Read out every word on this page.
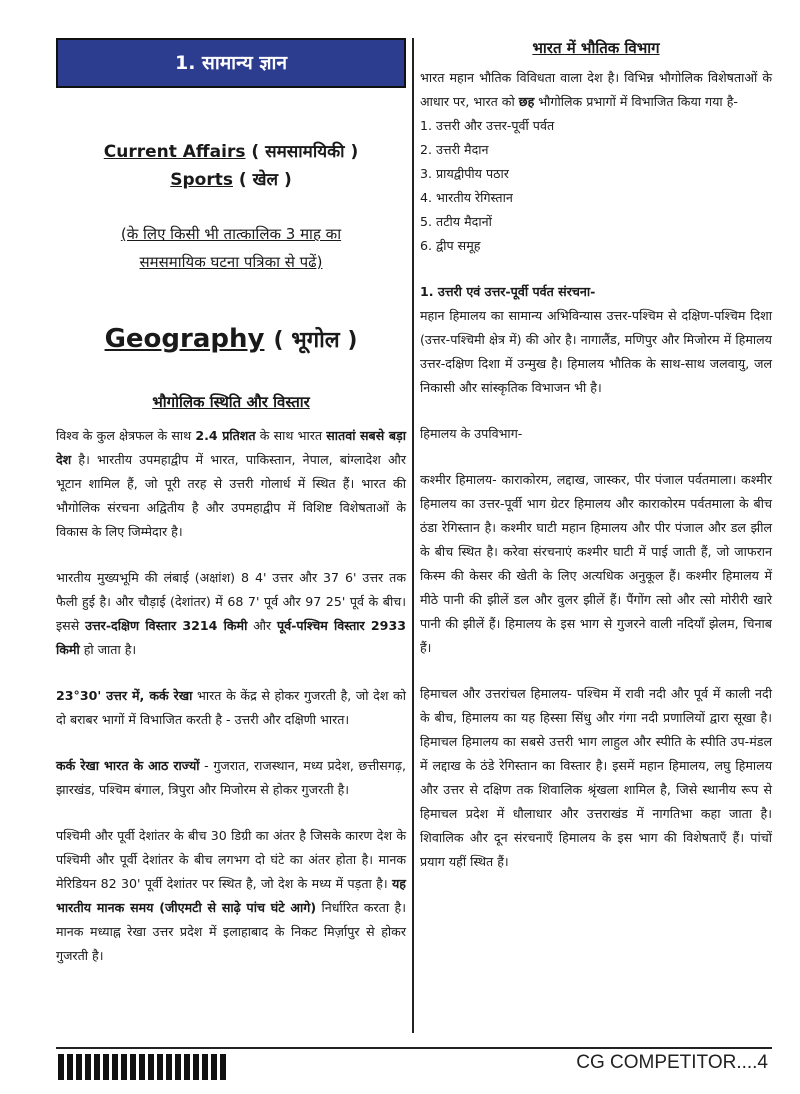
1. सामान्य ज्ञान
Current Affairs ( समसामयिकी )
Sports ( खेल )
(के लिए किसी भी तात्कालिक 3 माह का
समसमायिक घटना पत्रिका से पढें)
Geography ( भूगोल )
भौगोलिक स्थिति और विस्तार

विश्व के कुल क्षेत्रफल के साथ 2.4 प्रतिशत के साथ भारत सातवां सबसे बड़ा देश है। भारतीय उपमहाद्वीप में भारत, पाकिस्तान, नेपाल, बांग्लादेश और भूटान शामिल हैं, जो पूरी तरह से उत्तरी गोलार्ध में स्थित हैं। भारत की भौगोलिक संरचना अद्वितीय है और उपमहाद्वीप में विशिष्ट विशेषताओं के विकास के लिए जिम्मेदार है।

भारतीय मुख्यभूमि की लंबाई (अक्षांश) 8 4' उत्तर और 37 6' उत्तर तक फैली हुई है। और चौड़ाई (देशांतर) में 68 7' पूर्व और 97 25' पूर्व के बीच। इससे उत्तर-दक्षिण विस्तार 3214 किमी और पूर्व-पश्चिम विस्तार 2933 किमी हो जाता है।

23°30' उत्तर में, कर्क रेखा भारत के केंद्र से होकर गुजरती है, जो देश को दो बराबर भागों में विभाजित करती है - उत्तरी और दक्षिणी भारत।

कर्क रेखा भारत के आठ राज्यों - गुजरात, राजस्थान, मध्य प्रदेश, छत्तीसगढ़, झारखंड, पश्चिम बंगाल, त्रिपुरा और मिजोरम से होकर गुजरती है।

पश्चिमी और पूर्वी देशांतर के बीच 30 डिग्री का अंतर है जिसके कारण देश के पश्चिमी और पूर्वी देशांतर के बीच लगभग दो घंटे का अंतर होता है। मानक मेरिडियन 82 30' पूर्वी देशांतर पर स्थित है, जो देश के मध्य में पड़ता है। यह भारतीय मानक समय (जीएमटी से साढ़े पांच घंटे आगे) निर्धारित करता है। मानक मध्याह्न रेखा उत्तर प्रदेश में इलाहाबाद के निकट मिर्ज़ापुर से होकर गुजरती है।

भारत में भौतिक विभाग

भारत महान भौतिक विविधता वाला देश है। विभिन्न भौगोलिक विशेषताओं के आधार पर, भारत को छह भौगोलिक प्रभागों में विभाजित किया गया है-

1. उत्तरी और उत्तर-पूर्वी पर्वत
2. उत्तरी मैदान
3. प्रायद्वीपीय पठार
4. भारतीय रेगिस्तान
5. तटीय मैदानों
6. द्वीप समूह

1. उत्तरी एवं उत्तर-पूर्वी पर्वत संरचना-

महान हिमालय का सामान्य अभिविन्यास उत्तर-पश्चिम से दक्षिण-पश्चिम दिशा (उत्तर-पश्चिमी क्षेत्र में) की ओर है। नागालैंड, मणिपुर और मिजोरम में हिमालय उत्तर-दक्षिण दिशा में उन्मुख है। हिमालय भौतिक के साथ-साथ जलवायु, जल निकासी और सांस्कृतिक विभाजन भी है।

हिमालय के उपविभाग-

कश्मीर हिमालय- काराकोरम, लद्दाख, जास्कर, पीर पंजाल पर्वतमाला। कश्मीर हिमालय का उत्तर-पूर्वी भाग ग्रेटर हिमालय और काराकोरम पर्वतमाला के बीच ठंडा रेगिस्तान है। कश्मीर घाटी महान हिमालय और पीर पंजाल और डल झील के बीच स्थित है। करेवा संरचनाएं कश्मीर घाटी में पाई जाती हैं, जो जाफरान किस्म की केसर की खेती के लिए अत्यधिक अनुकूल हैं। कश्मीर हिमालय में मीठे पानी की झीलें डल और वुलर झीलें हैं। पैंगोंग त्सो और त्सो मोरीरी खारे पानी की झीलें हैं। हिमालय के इस भाग से गुजरने वाली नदियाँ झेलम, चिनाब हैं।

हिमाचल और उत्तरांचल हिमालय- पश्चिम में रावी नदी और पूर्व में काली नदी के बीच, हिमालय का यह हिस्सा सिंधु और गंगा नदी प्रणालियों द्वारा सूखा है। हिमाचल हिमालय का सबसे उत्तरी भाग लाहुल और स्पीति के स्पीति उप-मंडल में लद्दाख के ठंडे रेगिस्तान का विस्तार है। इसमें महान हिमालय, लघु हिमालय और उत्तर से दक्षिण तक शिवालिक श्रृंखला शामिल है, जिसे स्थानीय रूप से हिमाचल प्रदेश में धौलाधार और उत्तराखंड में नागतिभा कहा जाता है। शिवालिक और दून संरचनाएँ हिमालय के इस भाग की विशेषताएँ हैं। पांचों प्रयाग यहीं स्थित हैं।

CG COMPETITOR....4
